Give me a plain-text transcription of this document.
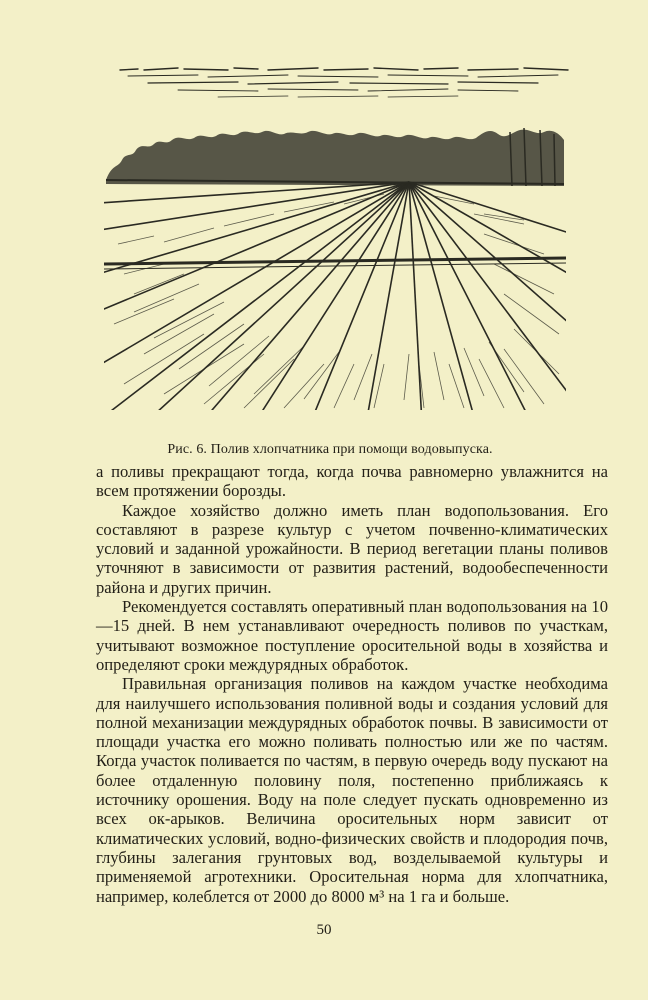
Рис. 6. Полив хлопчатника при помощи водовыпуска.

а поливы прекращают тогда, когда почва равномерно увлажнится на всем протяжении борозды.

Каждое хозяйство должно иметь план водопользования. Его составляют в разрезе культур с учетом почвенно-климатических условий и заданной урожайности. В период вегетации планы поливов уточняют в зависимости от развития растений, водообеспеченности района и других причин.

Рекомендуется составлять оперативный план водопользования на 10—15 дней. В нем устанавливают очередность поливов по участкам, учитывают возможное поступление оросительной воды в хозяйства и определяют сроки междурядных обработок.

Правильная организация поливов на каждом участке необходима для наилучшего использования поливной воды и создания условий для полной механизации междурядных обработок почвы. В зависимости от площади участка его можно поливать полностью или же по частям. Когда участок поливается по частям, в первую очередь воду пускают на более отдаленную половину поля, постепенно приближаясь к источнику орошения. Воду на поле следует пускать одновременно из всех ок-арыков. Величина оросительных норм зависит от климатических условий, водно-физических свойств и плодородия почв, глубины залегания грунтовых вод, возделываемой культуры и применяемой агротехники. Оросительная норма для хлопчатника, например, колеблется от 2000 до 8000 м³ на 1 га и больше.

50
